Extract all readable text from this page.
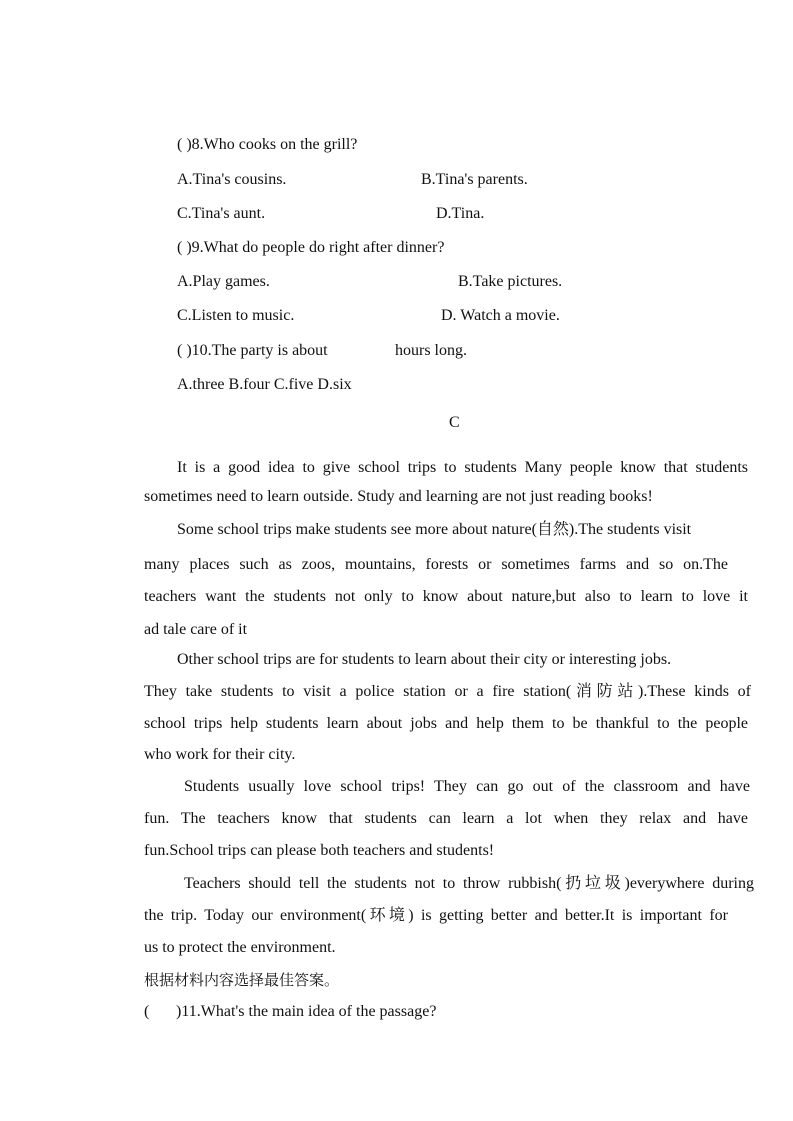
( )8.Who cooks on the grill?
A.Tina's cousins.	B.Tina's parents.
C.Tina's aunt.	D.Tina.
( )9.What do people do right after dinner?
A.Play games.	B.Take pictures.
C.Listen to music.	D. Watch a movie.
( )10.The party is about	hours long.
A.three B.four C.five D.six
C
It is a good idea to give school trips to students Many people know that students
sometimes need to learn outside. Study and learning are not just reading books!
Some school trips make students see more about nature(自然).The students visit
many places such as zoos, mountains, forests or sometimes farms and so on.The
teachers want the students not only to know about nature,but also to learn to love it
ad tale care of it
Other school trips are for students to learn about their city or interesting jobs.
They take students to visit a police station or a fire station(消防站).These kinds of
school trips help students learn about jobs and help them to be thankful to the people
who work for their city.
Students usually love school trips! They can go out of the classroom and have
fun. The teachers know that students can learn a lot when they relax and have
fun.School trips can please both teachers and students!
Teachers should tell the students not to throw rubbish(扔垃圾)everywhere during
the trip. Today our environment(环境) is getting better and better.It is important for
us to protect the environment.
根据材料内容选择最佳答案。
( )11.What's the main idea of the passage?
